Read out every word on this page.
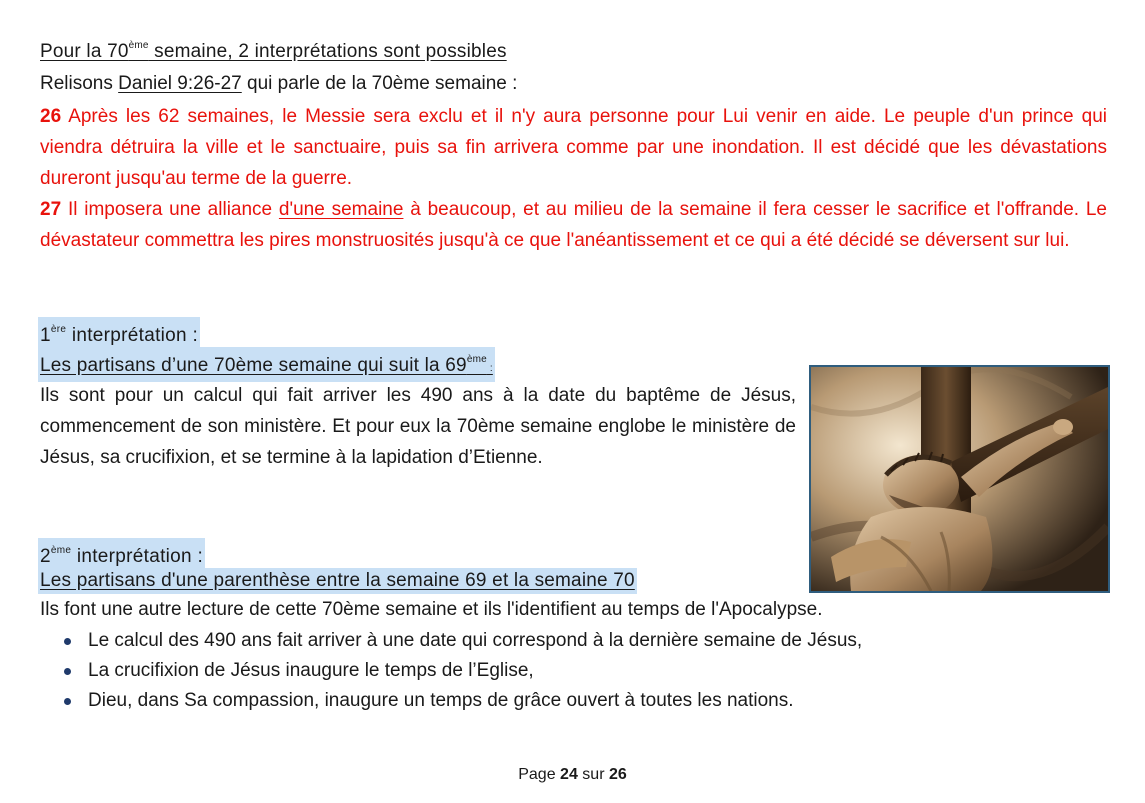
Pour la 70ème semaine, 2 interprétations sont possibles
Relisons Daniel 9:26-27 qui parle de la 70ème semaine :
26 Après les 62 semaines, le Messie sera exclu et il n'y aura personne pour Lui venir en aide. Le peuple d'un prince qui viendra détruira la ville et le sanctuaire, puis sa fin arrivera comme par une inondation. Il est décidé que les dévastations dureront jusqu'au terme de la guerre.
27 Il imposera une alliance d'une semaine à beaucoup, et au milieu de la semaine il fera cesser le sacrifice et l'offrande. Le dévastateur commettra les pires monstruosités jusqu'à ce que l'anéantissement et ce qui a été décidé se déversent sur lui.
1ère interprétation :
Les partisans d’une 70ème semaine qui suit la 69ème :
Ils sont pour un calcul qui fait arriver les 490 ans à la date du baptême de Jésus, commencement de son ministère. Et pour eux la 70ème semaine englobe le ministère de Jésus, sa crucifixion, et se termine à la lapidation d’Etienne.
2ème interprétation :
Les partisans d'une parenthèse entre la semaine 69 et la semaine 70
Ils font une autre lecture de cette 70ème semaine et ils l'identifient au temps de l'Apocalypse.
Le calcul des 490 ans fait arriver à une date qui correspond à la dernière semaine de Jésus,
La crucifixion de Jésus inaugure le temps de l’Eglise,
Dieu, dans Sa compassion, inaugure un temps de grâce ouvert à toutes les nations.
Page 24 sur 26
